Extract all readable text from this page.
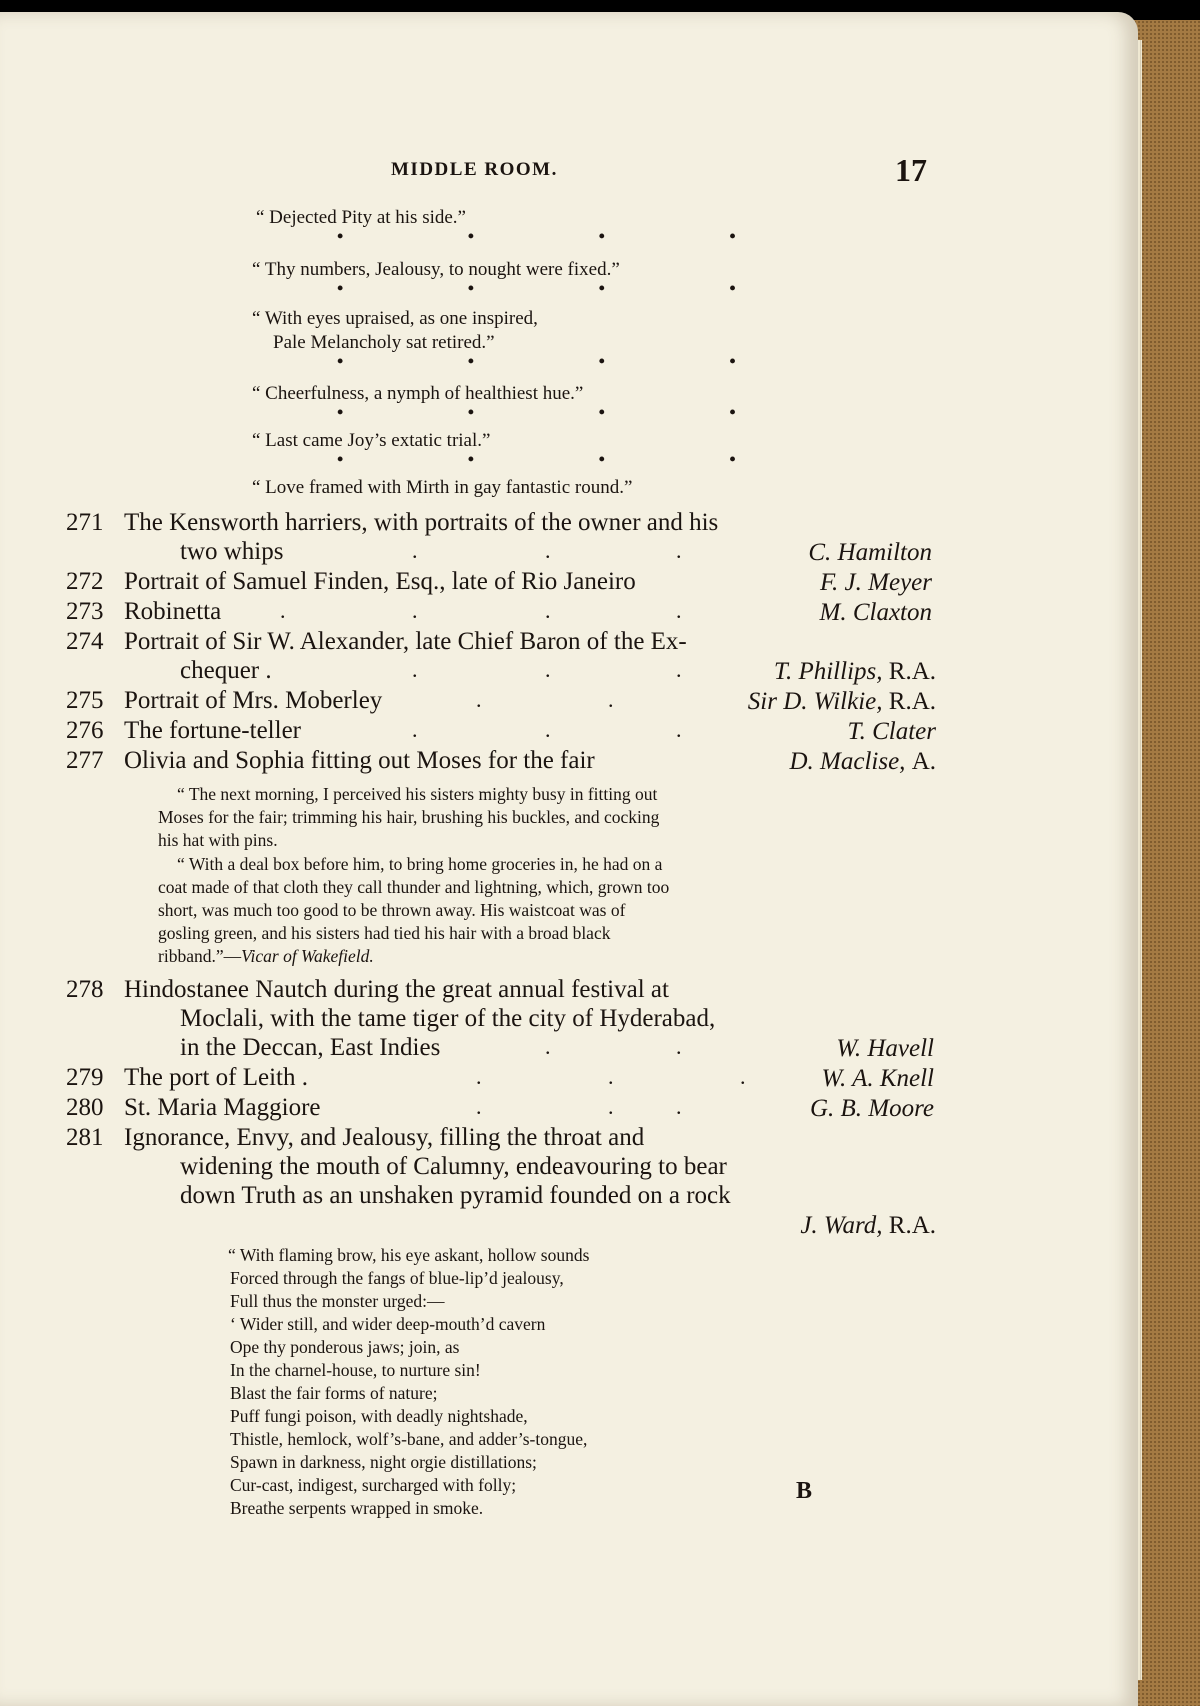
MIDDLE ROOM.	17
“ Dejected Pity at his side.”
• • • •
“ Thy numbers, Jealousy, to nought were fixed.”
• • • •
“ With eyes upraised, as one inspired,
Pale Melancholy sat retired.”
• • • •
“ Cheerfulness, a nymph of healthiest hue.”
• • • •
“ Last came Joy’s extatic trial.”
• • • •
“ Love framed with Mirth in gay fantastic round.”
271 The Kensworth harriers, with portraits of the owner and his
two whips	.	.	.	C. Hamilton
272 Portrait of Samuel Finden, Esq., late of Rio Janeiro	F. J. Meyer
273 Robinetta	.	.	.	.	M. Claxton
274 Portrait of Sir W. Alexander, late Chief Baron of the Ex-
chequer .	.	.	.	T. Phillips, R.A.
275 Portrait of Mrs. Moberley	.	.	Sir D. Wilkie, R.A.
276 The fortune-teller	.	.	.	T. Clater
277 Olivia and Sophia fitting out Moses for the fair	D. Maclise, A.
“ The next morning, I perceived his sisters mighty busy in fitting out
Moses for the fair; trimming his hair, brushing his buckles, and cocking
his hat with pins.
“ With a deal box before him, to bring home groceries in, he had on a
coat made of that cloth they call thunder and lightning, which, grown too
short, was much too good to be thrown away. His waistcoat was of
gosling green, and his sisters had tied his hair with a broad black
ribband.”—Vicar of Wakefield.
278 Hindostanee Nautch during the great annual festival at
Moclali, with the tame tiger of the city of Hyderabad,
in the Deccan, East Indies	.	.	W. Havell
279 The port of Leith .	.	.	.	W. A. Knell
280 St. Maria Maggiore	.	.	.	G. B. Moore
281 Ignorance, Envy, and Jealousy, filling the throat and
widening the mouth of Calumny, endeavouring to bear
down Truth as an unshaken pyramid founded on a rock
J. Ward, R.A.
“ With flaming brow, his eye askant, hollow sounds
Forced through the fangs of blue-lip’d jealousy,
Full thus the monster urged:—
‘ Wider still, and wider deep-mouth’d cavern
Ope thy ponderous jaws; join, as
In the charnel-house, to nurture sin!
Blast the fair forms of nature;
Puff fungi poison, with deadly nightshade,
Thistle, hemlock, wolf’s-bane, and adder’s-tongue,
Spawn in darkness, night orgie distillations;
Cur-cast, indigest, surcharged with folly;
Breathe serpents wrapped in smoke.
B
